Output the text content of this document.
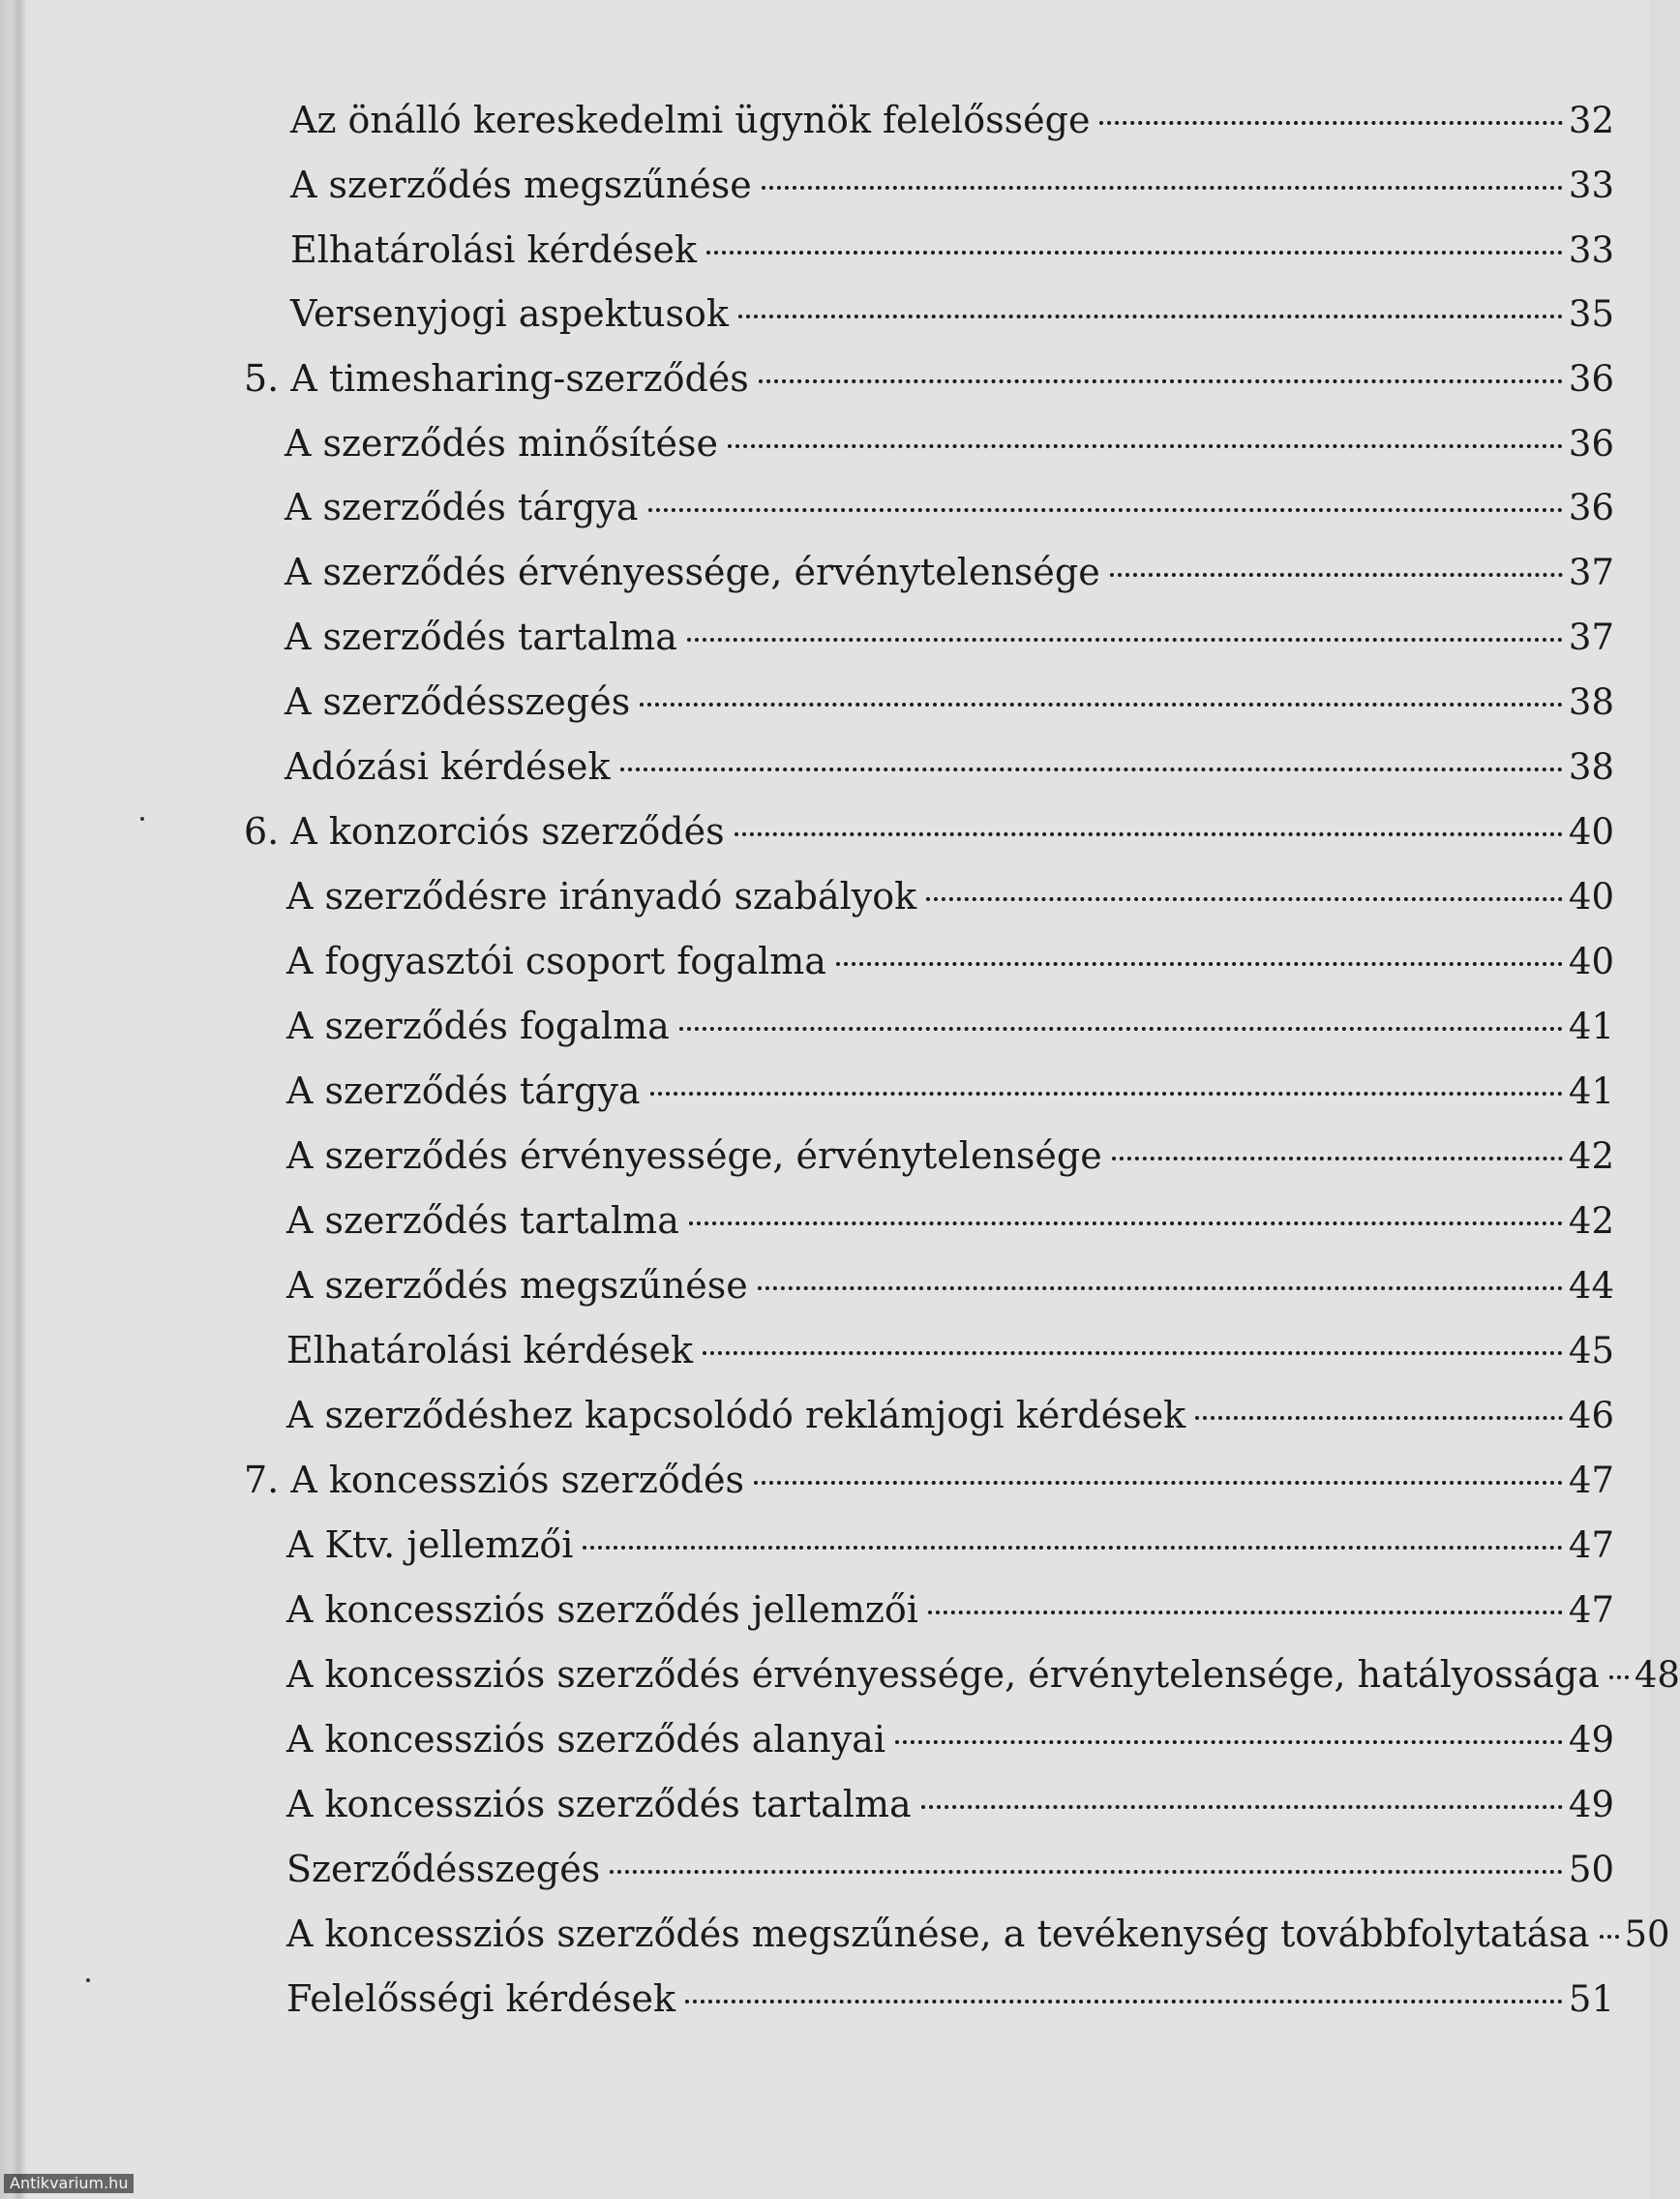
Az önálló kereskedelmi ügynök felelőssége	32
A szerződés megszűnése	33
Elhatárolási kérdések	33
Versenyjogi aspektusok	35
5. A timesharing-szerződés	36
A szerződés minősítése	36
A szerződés tárgya	36
A szerződés érvényessége, érvénytelensége	37
A szerződés tartalma	37
A szerződésszegés	38
Adózási kérdések	38
6. A konzorciós szerződés	40
A szerződésre irányadó szabályok	40
A fogyasztói csoport fogalma	40
A szerződés fogalma	41
A szerződés tárgya	41
A szerződés érvényessége, érvénytelensége	42
A szerződés tartalma	42
A szerződés megszűnése	44
Elhatárolási kérdések	45
A szerződéshez kapcsolódó reklámjogi kérdések	46
7. A koncessziós szerződés	47
A Ktv. jellemzői	47
A koncessziós szerződés jellemzői	47
A koncessziós szerződés érvényessége, érvénytelensége, hatályossága 48
A koncessziós szerződés alanyai	49
A koncessziós szerződés tartalma	49
Szerződésszegés	50
A koncessziós szerződés megszűnése, a tevékenység továbbfolytatása 50
Felelősségi kérdések	51
Antikvarium.hu
